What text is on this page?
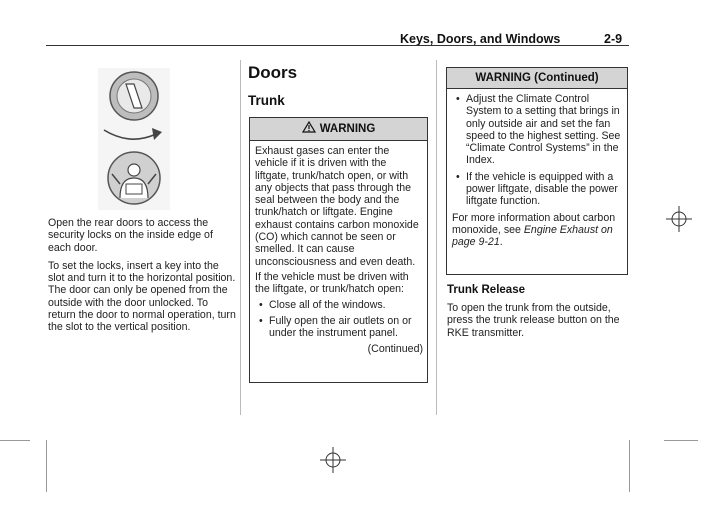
Keys, Doors, and Windows	2-9

Open the rear doors to access the security locks on the inside edge of each door.

To set the locks, insert a key into the slot and turn it to the horizontal position. The door can only be opened from the outside with the door unlocked. To return the door to normal operation, turn the slot to the vertical position.

Doors
Trunk
WARNING

Exhaust gases can enter the vehicle if it is driven with the liftgate, trunk/hatch open, or with any objects that pass through the seal between the body and the trunk/hatch or liftgate. Engine exhaust contains carbon monoxide (CO) which cannot be seen or smelled. It can cause unconsciousness and even death.

If the vehicle must be driven with the liftgate, or trunk/hatch open:

• Close all of the windows.
• Fully open the air outlets on or under the instrument panel.
(Continued)
WARNING (Continued)
• Adjust the Climate Control System to a setting that brings in only outside air and set the fan speed to the highest setting. See “Climate Control Systems” in the Index.
• If the vehicle is equipped with a power liftgate, disable the power liftgate function.

For more information about carbon monoxide, see Engine Exhaust on page 9-21.

Trunk Release
To open the trunk from the outside, press the trunk release button on the RKE transmitter.
